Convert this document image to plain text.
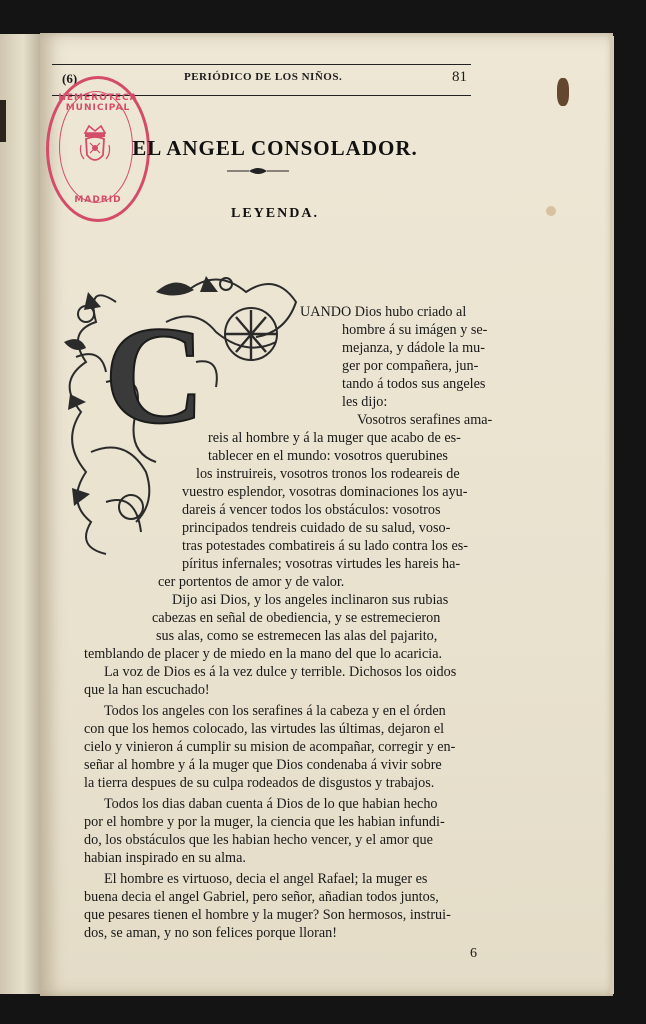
(6)	PERIÓDICO DE LOS NIÑOS.	81
HEMEROTECA MUNICIPAL
MADRID
EL ANGEL CONSOLADOR.
LEYENDA.
C	UANDO Dios hubo criado al
hombre á su imágen y se-
mejanza, y dádole la mu-
ger por compañera, jun-
tando á todos sus angeles
les dijo:
Vosotros serafines ama-
reis al hombre y á la muger que acabo de es-
tablecer en el mundo: vosotros querubines
los instruireis, vosotros tronos los rodeareis de
vuestro esplendor, vosotras dominaciones los ayu-
dareis á vencer todos los obstáculos: vosotros
principados tendreis cuidado de su salud, voso-
tras potestades combatireis á su lado contra los es-
píritus infernales; vosotras virtudes les hareis ha-
cer portentos de amor y de valor.
Dijo asi Dios, y los angeles inclinaron sus rubias
cabezas en señal de obediencia, y se estremecieron
sus alas, como se estremecen las alas del pajarito,
temblando de placer y de miedo en la mano del que lo acaricia.
La voz de Dios es á la vez dulce y terrible. Dichosos los oidos
que la han escuchado!
Todos los angeles con los serafines á la cabeza y en el órden
con que los hemos colocado, las virtudes las últimas, dejaron el
cielo y vinieron á cumplir su mision de acompañar, corregir y en-
señar al hombre y á la muger que Dios condenaba á vivir sobre
la tierra despues de su culpa rodeados de disgustos y trabajos.
Todos los dias daban cuenta á Dios de lo que habian hecho
por el hombre y por la muger, la ciencia que les habian infundi-
do, los obstáculos que les habian hecho vencer, y el amor que
habian inspirado en su alma.
El hombre es virtuoso, decia el angel Rafael; la muger es
buena decia el angel Gabriel, pero señor, añadian todos juntos,
que pesares tienen el hombre y la muger? Son hermosos, instrui-
dos, se aman, y no son felices porque lloran!
6
